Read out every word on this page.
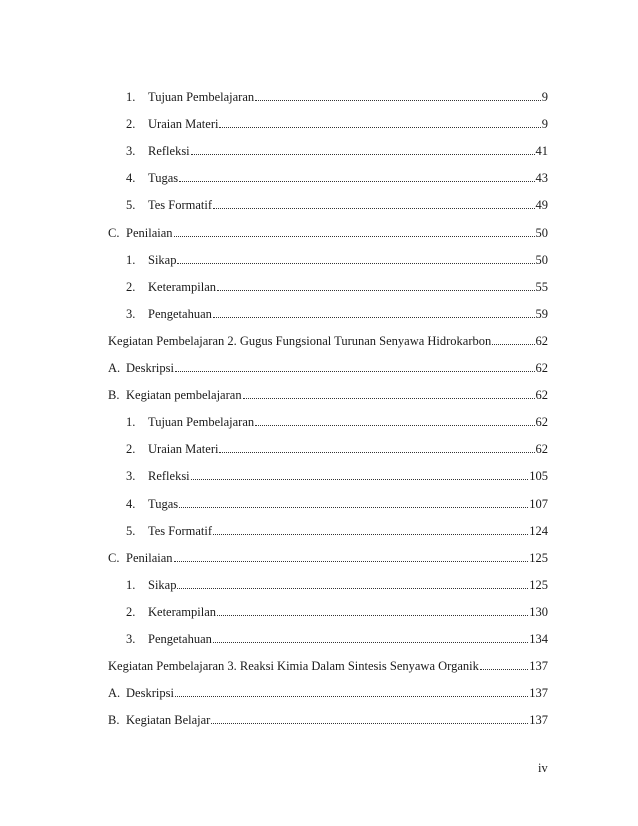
1.	Tujuan Pembelajaran	9
2.	Uraian Materi	9
3.	Refleksi	41
4.	Tugas	43
5.	Tes Formatif	49
C. Penilaian	50
1.	Sikap	50
2.	Keterampilan	55
3.	Pengetahuan	59
Kegiatan Pembelajaran 2. Gugus Fungsional Turunan Senyawa Hidrokarbon	62
A. Deskripsi	62
B. Kegiatan pembelajaran	62
1.	Tujuan Pembelajaran	62
2.	Uraian Materi	62
3.	Refleksi	105
4.	Tugas	107
5.	Tes Formatif	124
C. Penilaian	125
1.	Sikap	125
2.	Keterampilan	130
3.	Pengetahuan	134
Kegiatan Pembelajaran 3. Reaksi Kimia Dalam Sintesis Senyawa Organik	137
A. Deskripsi	137
B. Kegiatan Belajar	137
iv
